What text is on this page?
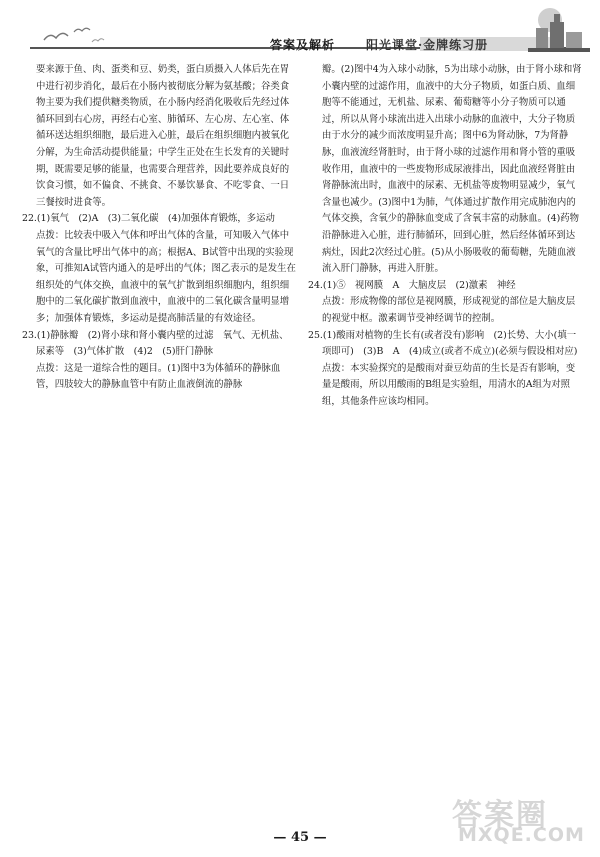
答案及解析	阳光课堂·金牌练习册

要来源于鱼、肉、蛋类和豆、奶类，蛋白质摄入人体后先在胃中进行初步消化，最后在小肠内被彻底分解为氨基酸；谷类食物主要为我们提供糖类物质，在小肠内经消化吸收后先经过体循环回到右心房，再经右心室、肺循环、左心房、左心室、体循环送达组织细胞，最后进入心脏，最后在组织细胞内被氧化分解，为生命活动提供能量；中学生正处在生长发育的关键时期，既需要足够的能量，也需要合理营养，因此要养成良好的饮食习惯，如不偏食、不挑食、不暴饮暴食、不吃零食、一日三餐按时进食等。

22.(1)氧气　(2)A　(3)二氧化碳　(4)加强体育锻炼，多运动

点拨：比较表中吸入气体和呼出气体的含量，可知吸入气体中氧气的含量比呼出气体中的高；根据A、B试管中出现的实验现象，可推知A试管内通入的是呼出的气体；图乙表示的是发生在组织处的气体交换，血液中的氧气扩散到组织细胞内，组织细胞中的二氧化碳扩散到血液中，血液中的二氧化碳含量明显增多；加强体育锻炼，多运动是提高肺活量的有效途径。

23.(1)静脉瓣　(2)肾小球和肾小囊内壁的过滤　氧气、无机盐、尿素等　(3)气体扩散　(4)2　(5)肝门静脉

点拨：这是一道综合性的题目。(1)图中3为体循环的静脉血管，四肢较大的静脉血管中有防止血液倒流的静脉

瓣。(2)图中4为入球小动脉，5为出球小动脉，由于肾小球和肾小囊内壁的过滤作用，血液中的大分子物质，如蛋白质、血细胞等不能通过，无机盐、尿素、葡萄糖等小分子物质可以通过，所以从肾小球流出进入出球小动脉的血液中，大分子物质由于水分的减少而浓度明显升高；图中6为肾动脉，7为肾静脉，血液流经肾脏时，由于肾小球的过滤作用和肾小管的重吸收作用，血液中的一些废物形成尿液排出，因此血液经肾脏由肾静脉流出时，血液中的尿素、无机盐等废物明显减少，氧气含量也减少。(3)图中1为肺，气体通过扩散作用完成肺泡内的气体交换，含氧少的静脉血变成了含氧丰富的动脉血。(4)药物沿静脉进入心脏，进行肺循环，回到心脏，然后经体循环到达病灶，因此2次经过心脏。(5)从小肠吸收的葡萄糖，先随血液流入肝门静脉，再进入肝脏。

24.(1)⑤　视网膜　A　大脑皮层　(2)激素　神经

点拨：形成物像的部位是视网膜，形成视觉的部位是大脑皮层的视觉中枢。激素调节受神经调节的控制。

25.(1)酸雨对植物的生长有(或者没有)影响　(2)长势、大小(填一项即可)　(3)B　A　(4)成立(或者不成立)(必须与假设相对应)

点拨：本实验探究的是酸雨对蚕豆幼苗的生长是否有影响，变量是酸雨，所以用酸雨的B组是实验组，用清水的A组为对照组，其他条件应该均相同。

— 45 —
答案圈
MXQE.COM
